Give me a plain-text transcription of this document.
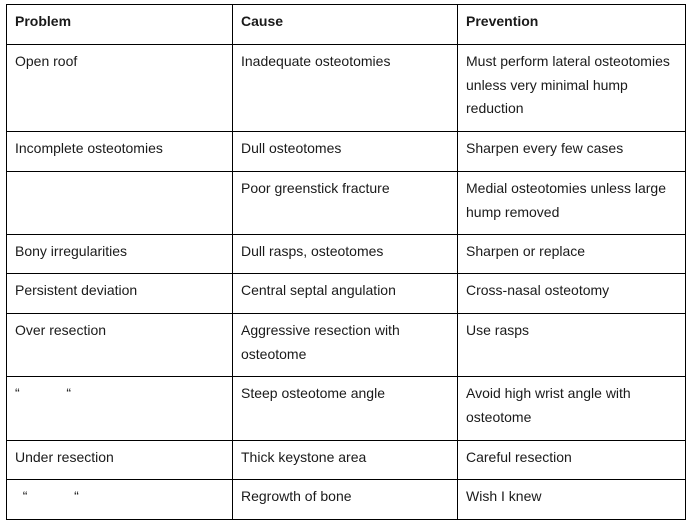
Problem	Cause	Prevention
Open roof	Inadequate osteotomies	Must perform lateral osteotomies unless very minimal hump reduction
Incomplete osteotomies	Dull osteotomes	Sharpen every few cases
	Poor greenstick fracture	Medial osteotomies unless large hump removed
Bony irregularities	Dull rasps, osteotomes	Sharpen or replace
Persistent deviation	Central septal angulation	Cross-nasal osteotomy
Over resection	Aggressive resection with osteotome	Use rasps
“            “	Steep osteotome angle	Avoid high wrist angle with osteotome
Under resection	Thick keystone area	Careful resection
“            “	Regrowth of bone	Wish I knew
